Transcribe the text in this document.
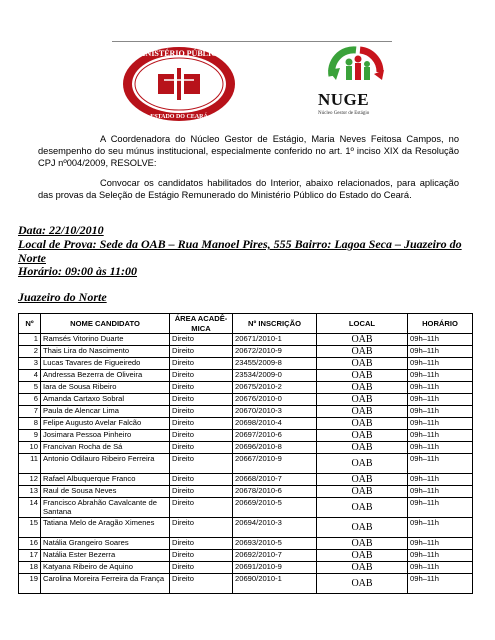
MINISTÉRIO PÚBLICO
ESTADO DO CEARÁ
NUGE
Núcleo Gestor de Estágio

A Coordenadora do Núcleo Gestor de Estágio, Maria Neves Feitosa Campos, no desempenho do seu múnus institucional, especialmente conferido no art. 1º inciso XIX da Resolução CPJ nº004/2009, RESOLVE:

Convocar os candidatos habilitados do Interior, abaixo relacionados, para aplicação das provas da Seleção de Estágio Remunerado do Ministério Público do Estado do Ceará.

Data: 22/10/2010

Local de Prova: Sede da OAB – Rua Manoel Pires, 555 Bairro: Lagoa Seca – Juazeiro do Norte

Horário: 09:00 às 11:00

Juazeiro do Norte
Nº	NOME CANDIDATO	ÁREA ACADÊ-MICA	Nº INSCRIÇÃO	LOCAL	HORÁRIO
1	Ramsés Vitorino Duarte	Direito	20671/2010-1	OAB	09h–11h
2	Thais Lira do Nascimento	Direito	20672/2010-9	OAB	09h–11h
3	Lucas Tavares de Figueiredo	Direito	23455/2009-8	OAB	09h–11h
4	Andressa Bezerra de Oliveira	Direito	23534/2009-0	OAB	09h–11h
5	Iara de Sousa Ribeiro	Direito	20675/2010-2	OAB	09h–11h
6	Amanda Cartaxo Sobral	Direito	20676/2010-0	OAB	09h–11h
7	Paula de Alencar Lima	Direito	20670/2010-3	OAB	09h–11h
8	Felipe Augusto Avelar Falcão	Direito	20698/2010-4	OAB	09h–11h
9	Josimara Pessoa Pinheiro	Direito	20697/2010-6	OAB	09h–11h
10	Francivan Rocha de Sá	Direito	20696/2010-8	OAB	09h–11h
11	Antonio Odilauro Ribeiro Ferreira	Direito	20667/2010-9	OAB	09h–11h
12	Rafael Albuquerque Franco	Direito	20668/2010-7	OAB	09h–11h
13	Raul de Sousa Neves	Direito	20678/2010-6	OAB	09h–11h
14	Francisco Abrahão Cavalcante de Santana	Direito	20669/2010-5	OAB	09h–11h
15	Tatiana Melo de Aragão Ximenes	Direito	20694/2010-3	OAB	09h–11h
16	Natália Grangeiro Soares	Direito	20693/2010-5	OAB	09h–11h
17	Natália Ester Bezerra	Direito	20692/2010-7	OAB	09h–11h
18	Katyana Ribeiro de Aquino	Direito	20691/2010-9	OAB	09h–11h
19	Carolina Moreira Ferreira da França	Direito	20690/2010-1	OAB	09h–11h
